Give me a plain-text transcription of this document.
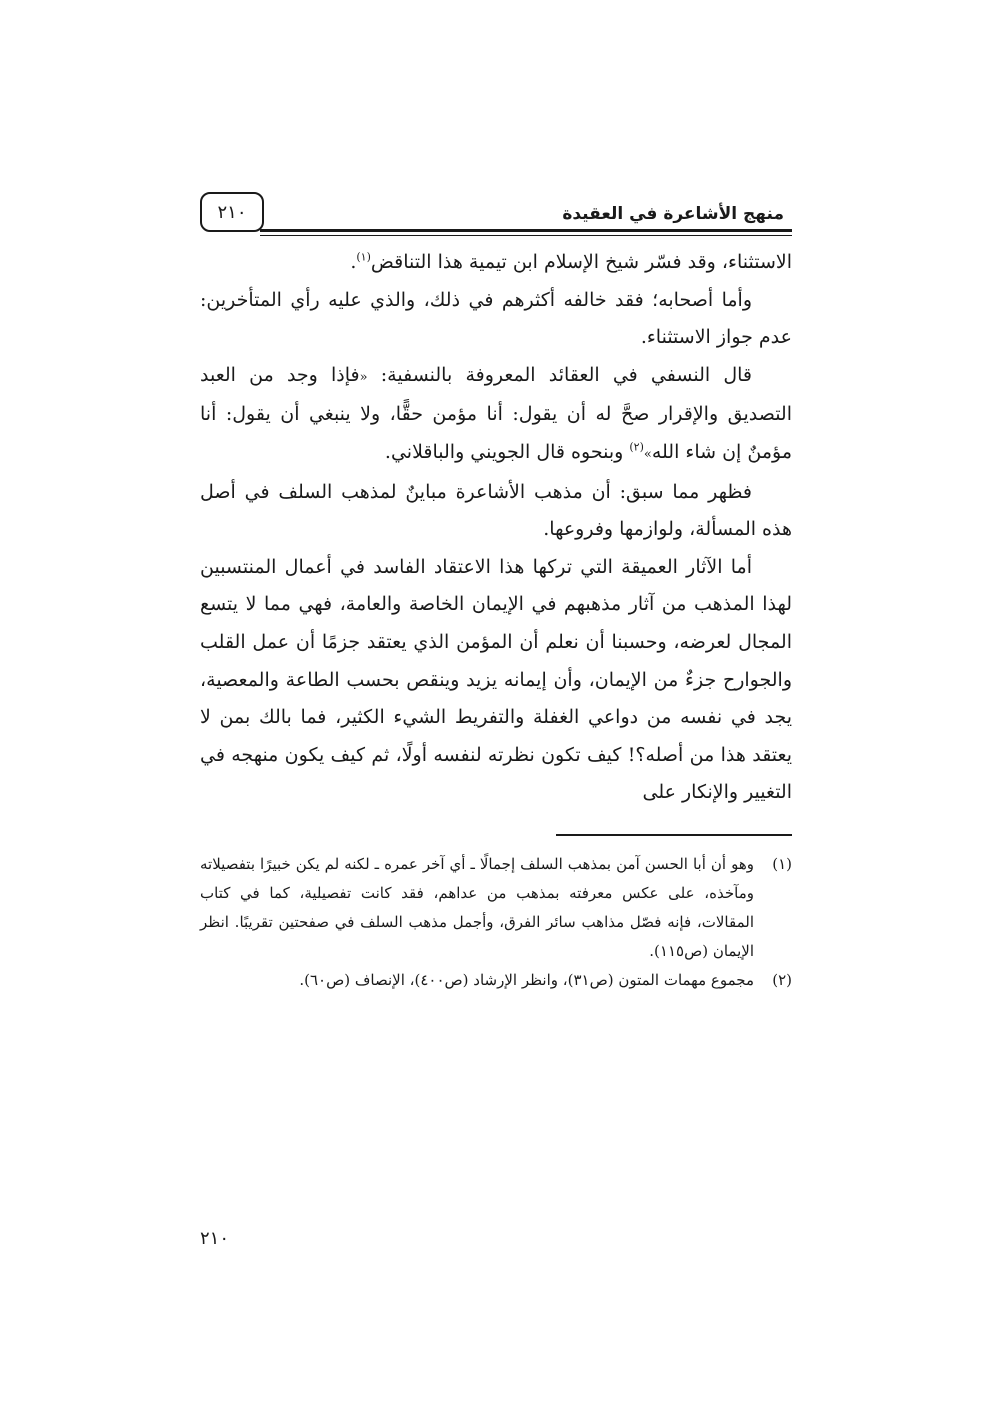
منهج الأشاعرة في العقيدة
٢١٠

الاستثناء، وقد فسّر شيخ الإسلام ابن تيمية هذا التناقض$^{(١)}$.

وأما أصحابه؛ فقد خالفه أكثرهم في ذلك، والذي عليه رأي المتأخرين: عدم جواز الاستثناء.

قال النسفي في العقائد المعروفة بالنسفية: «فإذا وجد من العبد التصديق والإقرار صحَّ له أن يقول: أنا مؤمن حقًّا، ولا ينبغي أن يقول: أنا مؤمنٌ إن شاء الله»$^{(٢)}$ وبنحوه قال الجويني والباقلاني.

فظهر مما سبق: أن مذهب الأشاعرة مباينٌ لمذهب السلف في أصل هذه المسألة، ولوازمها وفروعها.

أما الآثار العميقة التي تركها هذا الاعتقاد الفاسد في أعمال المنتسبين لهذا المذهب من آثار مذهبهم في الإيمان الخاصة والعامة، فهي مما لا يتسع المجال لعرضه، وحسبنا أن نعلم أن المؤمن الذي يعتقد جزمًا أن عمل القلب والجوارح جزءٌ من الإيمان، وأن إيمانه يزيد وينقص بحسب الطاعة والمعصية، يجد في نفسه من دواعي الغفلة والتفريط الشيء الكثير، فما بالك بمن لا يعتقد هذا من أصله؟! كيف تكون نظرته لنفسه أولًا، ثم كيف يكون منهجه في التغيير والإنكار على

(١)

وهو أن أبا الحسن آمن بمذهب السلف إجمالًا ـ أي آخر عمره ـ لكنه لم يكن خبيرًا بتفصيلاته ومآخذه، على عكس معرفته بمذهب من عداهم، فقد كانت تفصيلية، كما في كتاب المقالات، فإنه فصّل مذاهب سائر الفرق، وأجمل مذهب السلف في صفحتين تقريبًا. انظر الإيمان (ص١١٥).

(٢)

مجموع مهمات المتون (ص٣١)، وانظر الإرشاد (ص٤٠٠)، الإنصاف (ص٦٠).

٢١٠
